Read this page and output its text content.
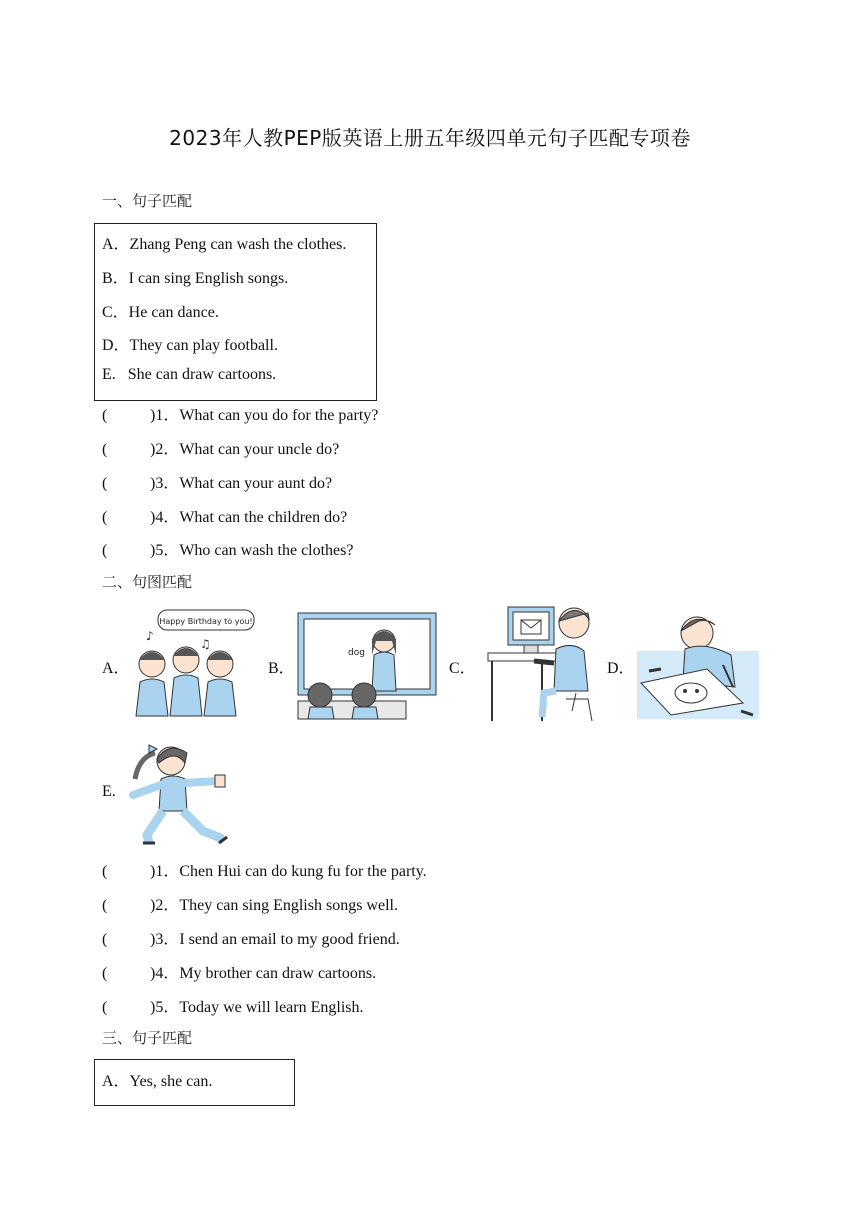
2023年人教PEP版英语上册五年级四单元句子匹配专项卷
一、句子匹配
A．Zhang Peng can wash the clothes.
B．I can sing English songs.
C．He can dance.
D．They can play football.
E.   She can draw cartoons.
(	)1．What can you do for the party?
(	)2．What can your uncle do?
(	)3．What can your aunt do?
(	)4．What can the children do?
(	)5．Who can wash the clothes?
二、句图匹配
A．
Happy Birthday to you!
♪
♫
B．
dog
C．	D．
E.
(	)1．Chen Hui can do kung fu for the party.
(	)2．They can sing English songs well.
(	)3．I send an email to my good friend.
(	)4．My brother can draw cartoons.
(	)5．Today we will learn English.
三、句子匹配
A．Yes, she can.
